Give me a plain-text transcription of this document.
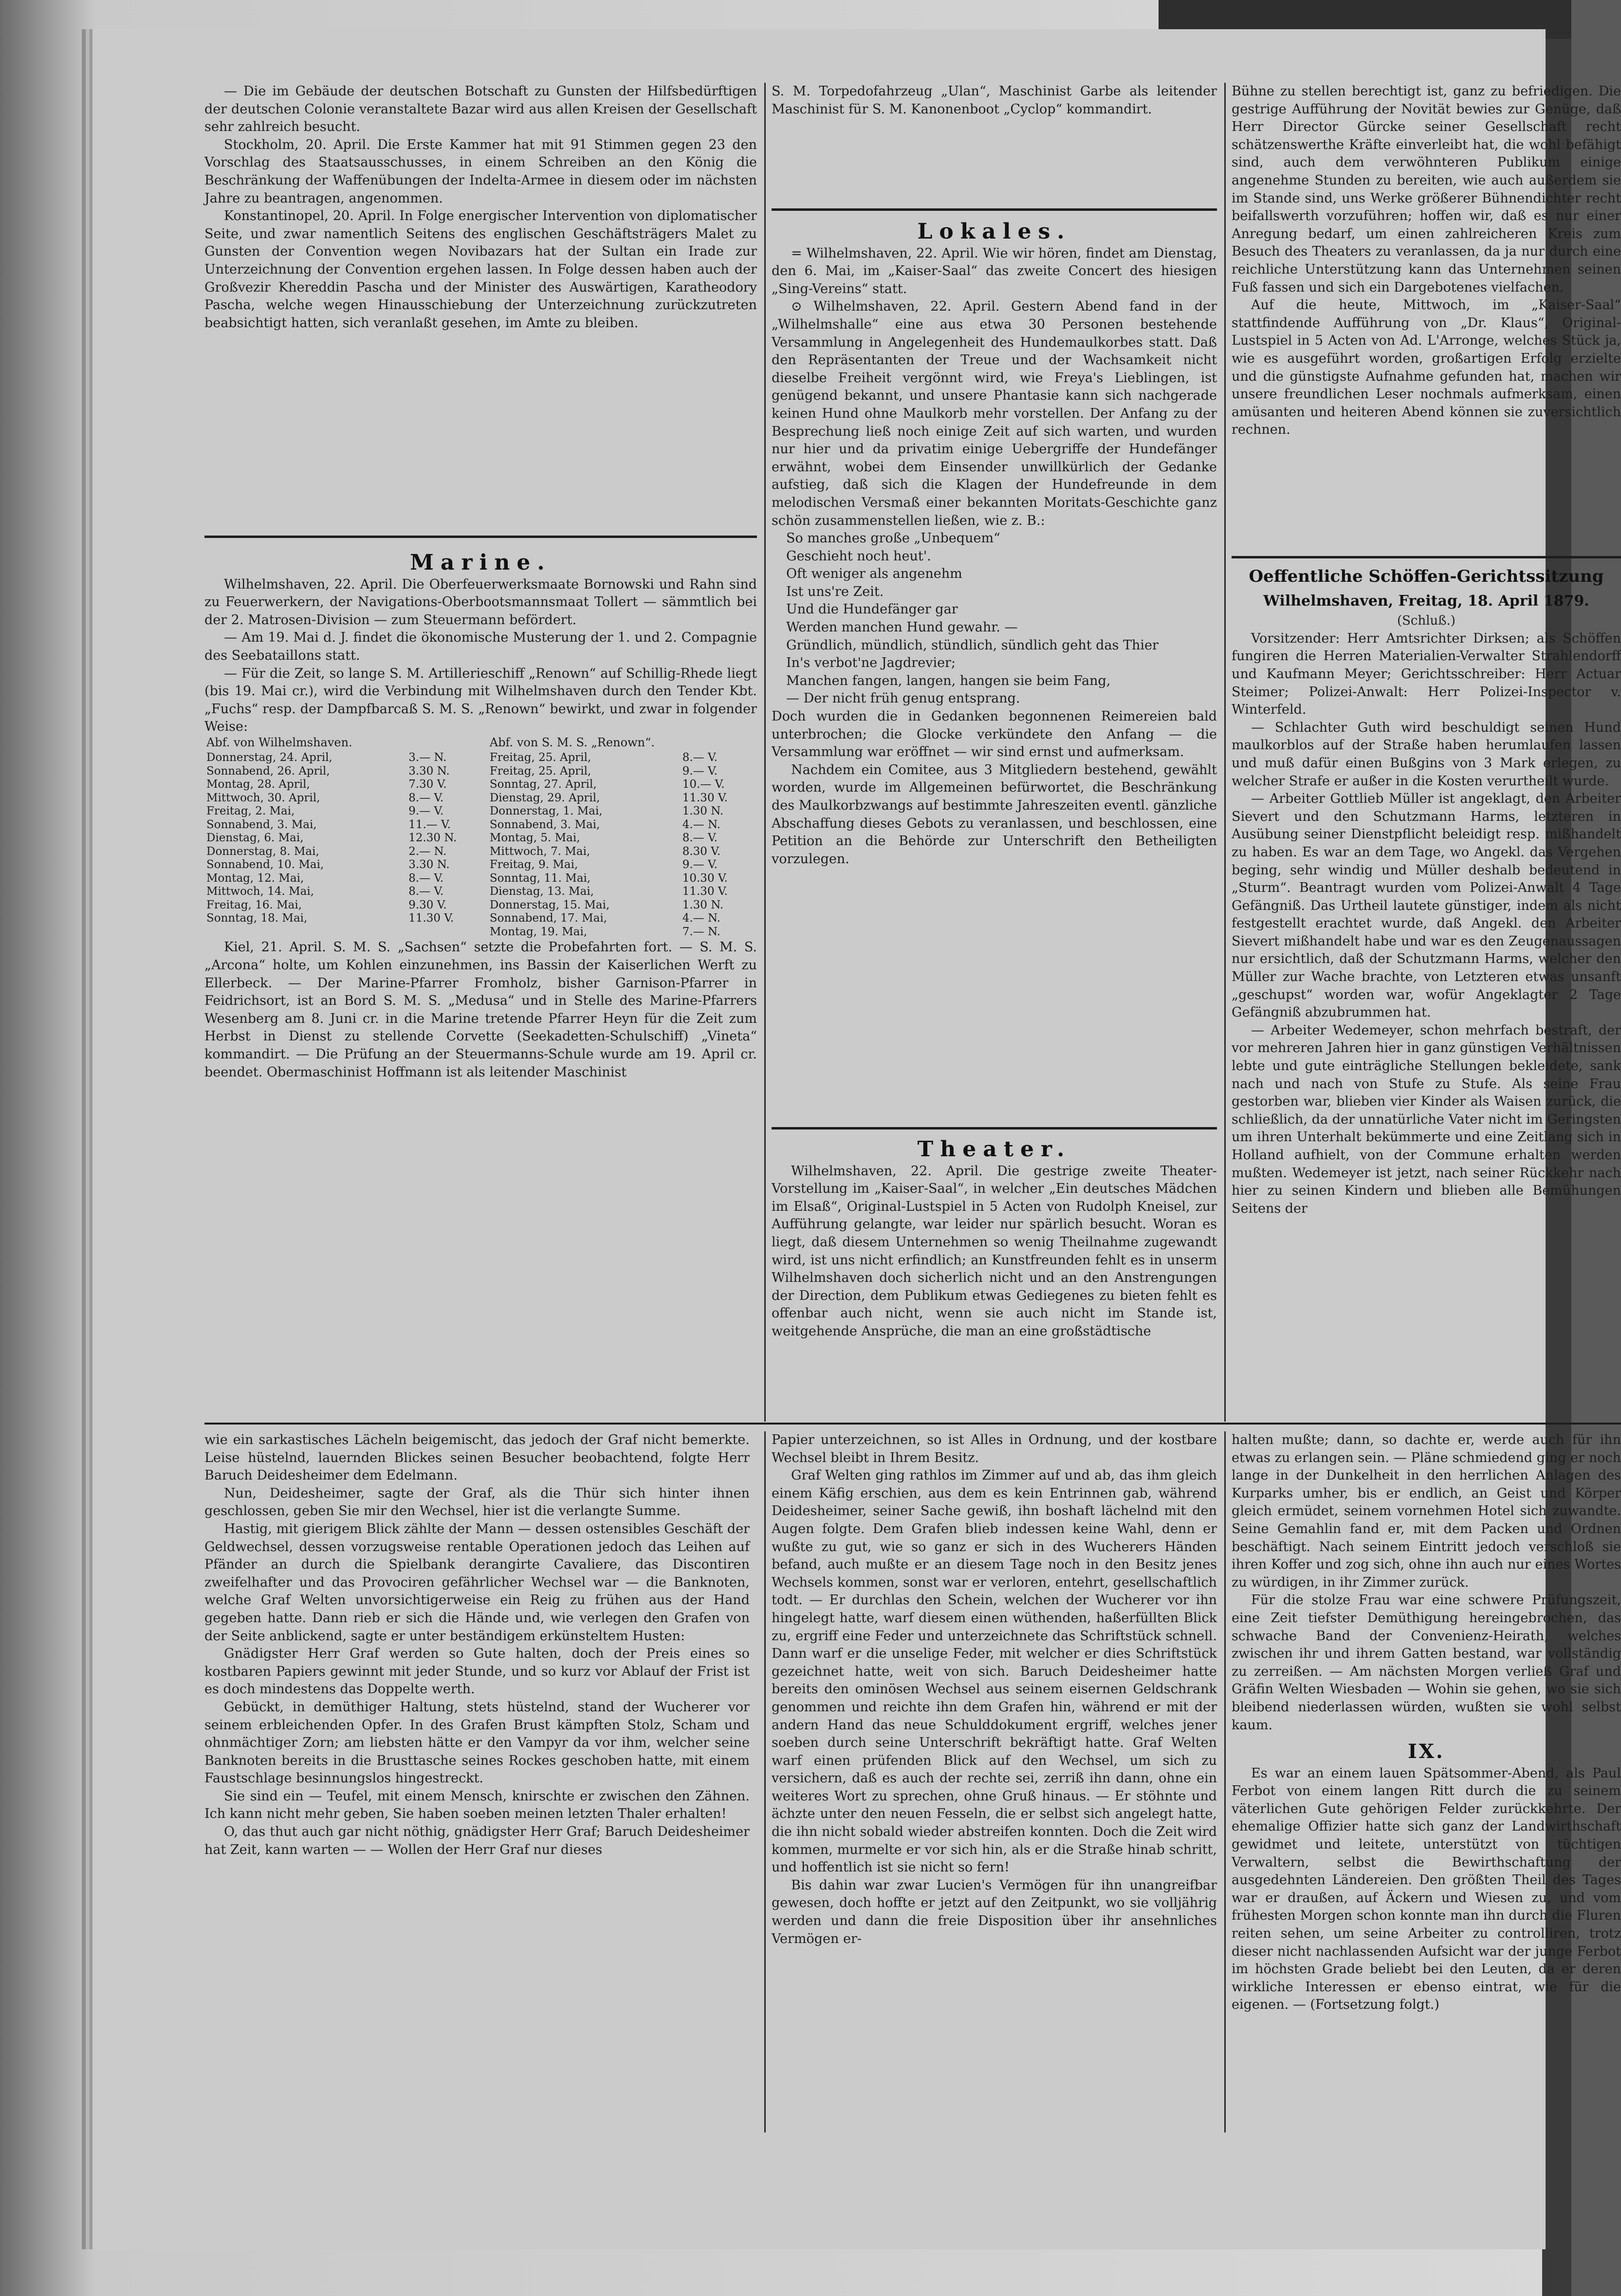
— Die im Gebäude der deutschen Botschaft zu Gunsten der Hilfsbedürftigen der deutschen Colonie veranstaltete Bazar wird aus allen Kreisen der Gesellschaft sehr zahlreich besucht.

Stockholm, 20. April. Die Erste Kammer hat mit 91 Stimmen gegen 23 den Vorschlag des Staatsausschusses, in einem Schreiben an den König die Beschränkung der Waffenübungen der Indelta-Armee in diesem oder im nächsten Jahre zu beantragen, angenommen.

Konstantinopel, 20. April. In Folge energischer Intervention von diplomatischer Seite, und zwar namentlich Seitens des englischen Geschäftsträgers Malet zu Gunsten der Convention wegen Novibazars hat der Sultan ein Irade zur Unterzeichnung der Convention ergehen lassen. In Folge dessen haben auch der Großvezir Khereddin Pascha und der Minister des Auswärtigen, Karatheodory Pascha, welche wegen Hinausschiebung der Unterzeichnung zurückzutreten beabsichtigt hatten, sich veranlaßt gesehen, im Amte zu bleiben.

Marine.

Wilhelmshaven, 22. April. Die Oberfeuerwerksmaate Bornowski und Rahn sind zu Feuerwerkern, der Navigations-Oberbootsmannsmaat Tollert — sämmtlich bei der 2. Matrosen-Division — zum Steuermann befördert.

— Am 19. Mai d. J. findet die ökonomische Musterung der 1. und 2. Compagnie des Seebataillons statt.

— Für die Zeit, so lange S. M. Artillerieschiff „Renown“ auf Schillig-Rhede liegt (bis 19. Mai cr.), wird die Verbindung mit Wilhelmshaven durch den Tender Kbt. „Fuchs“ resp. der Dampfbarcaß S. M. S. „Renown“ bewirkt, und zwar in folgender Weise:

Abf. von Wilhelmshaven.		Abf. von S. M. S. „Renown“.	
Donnerstag, 24. April,	3.— N.	Freitag, 25. April,	8.— V.
Sonnabend, 26. April,	3.30 N.	Freitag, 25. April,	9.— V.
Montag, 28. April,	7.30 V.	Sonntag, 27. April,	10.— V.
Mittwoch, 30. April,	8.— V.	Dienstag, 29. April,	11.30 V.
Freitag, 2. Mai,	9.— V.	Donnerstag, 1. Mai,	1.30 N.
Sonnabend, 3. Mai,	11.— V.	Sonnabend, 3. Mai,	4.— N.
Dienstag, 6. Mai,	12.30 N.	Montag, 5. Mai,	8.— V.
Donnerstag, 8. Mai,	2.— N.	Mittwoch, 7. Mai,	8.30 V.
Sonnabend, 10. Mai,	3.30 N.	Freitag, 9. Mai,	9.— V.
Montag, 12. Mai,	8.— V.	Sonntag, 11. Mai,	10.30 V.
Mittwoch, 14. Mai,	8.— V.	Dienstag, 13. Mai,	11.30 V.
Freitag, 16. Mai,	9.30 V.	Donnerstag, 15. Mai,	1.30 N.
Sonntag, 18. Mai,	11.30 V.	Sonnabend, 17. Mai,	4.— N.
		Montag, 19. Mai,	7.— N.

Kiel, 21. April. S. M. S. „Sachsen“ setzte die Probefahrten fort. — S. M. S. „Arcona“ holte, um Kohlen einzunehmen, ins Bassin der Kaiserlichen Werft zu Ellerbeck. — Der Marine-Pfarrer Fromholz, bisher Garnison-Pfarrer in Feidrichsort, ist an Bord S. M. S. „Medusa“ und in Stelle des Marine-Pfarrers Wesenberg am 8. Juni cr. in die Marine tretende Pfarrer Heyn für die Zeit zum Herbst in Dienst zu stellende Corvette (Seekadetten-Schulschiff) „Vineta“ kommandirt. — Die Prüfung an der Steuermanns-Schule wurde am 19. April cr. beendet. Obermaschinist Hoffmann ist als leitender Maschinist

S. M. Torpedofahrzeug „Ulan“, Maschinist Garbe als leitender Maschinist für S. M. Kanonenboot „Cyclop“ kommandirt.

Lokales.

= Wilhelmshaven, 22. April. Wie wir hören, findet am Dienstag, den 6. Mai, im „Kaiser-Saal“ das zweite Concert des hiesigen „Sing-Vereins“ statt.

⊙ Wilhelmshaven, 22. April. Gestern Abend fand in der „Wilhelmshalle“ eine aus etwa 30 Personen bestehende Versammlung in Angelegenheit des Hundemaulkorbes statt. Daß den Repräsentanten der Treue und der Wachsamkeit nicht dieselbe Freiheit vergönnt wird, wie Freya's Lieblingen, ist genügend bekannt, und unsere Phantasie kann sich nachgerade keinen Hund ohne Maulkorb mehr vorstellen. Der Anfang zu der Besprechung ließ noch einige Zeit auf sich warten, und wurden nur hier und da privatim einige Uebergriffe der Hundefänger erwähnt, wobei dem Einsender unwillkürlich der Gedanke aufstieg, daß sich die Klagen der Hundefreunde in dem melodischen Versmaß einer bekannten Moritats-Geschichte ganz schön zusammenstellen ließen, wie z. B.:

So manches große „Unbequem“
Geschieht noch heut'.
Oft weniger als angenehm
Ist uns're Zeit.
Und die Hundefänger gar
Werden manchen Hund gewahr. —
Gründlich, mündlich, stündlich, sündlich geht das Thier
In's verbot'ne Jagdrevier;
Manchen fangen, langen, hangen sie beim Fang,
— Der nicht früh genug entsprang.

Doch wurden die in Gedanken begonnenen Reimereien bald unterbrochen; die Glocke verkündete den Anfang — die Versammlung war eröffnet — wir sind ernst und aufmerksam.

Nachdem ein Comitee, aus 3 Mitgliedern bestehend, gewählt worden, wurde im Allgemeinen befürwortet, die Beschränkung des Maulkorbzwangs auf bestimmte Jahreszeiten eventl. gänzliche Abschaffung dieses Gebots zu veranlassen, und beschlossen, eine Petition an die Behörde zur Unterschrift den Betheiligten vorzulegen.

Theater.

Wilhelmshaven, 22. April. Die gestrige zweite Theater-Vorstellung im „Kaiser-Saal“, in welcher „Ein deutsches Mädchen im Elsaß“, Original-Lustspiel in 5 Acten von Rudolph Kneisel, zur Aufführung gelangte, war leider nur spärlich besucht. Woran es liegt, daß diesem Unternehmen so wenig Theilnahme zugewandt wird, ist uns nicht erfindlich; an Kunstfreunden fehlt es in unserm Wilhelmshaven doch sicherlich nicht und an den Anstrengungen der Direction, dem Publikum etwas Gediegenes zu bieten fehlt es offenbar auch nicht, wenn sie auch nicht im Stande ist, weitgehende Ansprüche, die man an eine großstädtische

Bühne zu stellen berechtigt ist, ganz zu befriedigen. Die gestrige Aufführung der Novität bewies zur Genüge, daß Herr Director Gürcke seiner Gesellschaft recht schätzenswerthe Kräfte einverleibt hat, die wohl befähigt sind, auch dem verwöhnteren Publikum einige angenehme Stunden zu bereiten, wie auch außerdem sie im Stande sind, uns Werke größerer Bühnendichter recht beifallswerth vorzuführen; hoffen wir, daß es nur einer Anregung bedarf, um einen zahlreicheren Kreis zum Besuch des Theaters zu veranlassen, da ja nur durch eine reichliche Unterstützung kann das Unternehmen seinen Fuß fassen und sich ein Dargebotenes vielfachen.

Auf die heute, Mittwoch, im „Kaiser-Saal“ stattfindende Aufführung von „Dr. Klaus“, Original-Lustspiel in 5 Acten von Ad. L'Arronge, welches Stück ja, wie es ausgeführt worden, großartigen Erfolg erzielte und die günstigste Aufnahme gefunden hat, machen wir unsere freundlichen Leser nochmals aufmerksam, einen amüsanten und heiteren Abend können sie zuversichtlich rechnen.

Oeffentliche Schöffen-Gerichtssitzung
Wilhelmshaven, Freitag, 18. April 1879.
(Schluß.)

Vorsitzender: Herr Amtsrichter Dirksen; als Schöffen fungiren die Herren Materialien-Verwalter Strahlendorff und Kaufmann Meyer; Gerichtsschreiber: Herr Actuar Steimer; Polizei-Anwalt: Herr Polizei-Inspector v. Winterfeld.

— Schlachter Guth wird beschuldigt seinen Hund maulkorblos auf der Straße haben herumlaufen lassen und muß dafür einen Bußgins von 3 Mark erlegen, zu welcher Strafe er außer in die Kosten verurtheilt wurde.

— Arbeiter Gottlieb Müller ist angeklagt, den Arbeiter Sievert und den Schutzmann Harms, letzteren in Ausübung seiner Dienstpflicht beleidigt resp. mißhandelt zu haben. Es war an dem Tage, wo Angekl. das Vergehen beging, sehr windig und Müller deshalb bedeutend in „Sturm“. Beantragt wurden vom Polizei-Anwalt 4 Tage Gefängniß. Das Urtheil lautete günstiger, indem als nicht festgestellt erachtet wurde, daß Angekl. den Arbeiter Sievert mißhandelt habe und war es den Zeugenaussagen nur ersichtlich, daß der Schutzmann Harms, welcher den Müller zur Wache brachte, von Letzteren etwas unsanft „geschupst“ worden war, wofür Angeklagter 2 Tage Gefängniß abzubrummen hat.

— Arbeiter Wedemeyer, schon mehrfach bestraft, der vor mehreren Jahren hier in ganz günstigen Verhältnissen lebte und gute einträgliche Stellungen bekleidete, sank nach und nach von Stufe zu Stufe. Als seine Frau gestorben war, blieben vier Kinder als Waisen zurück, die schließlich, da der unnatürliche Vater nicht im Geringsten um ihren Unterhalt bekümmerte und eine Zeitlang sich in Holland aufhielt, von der Commune erhalten werden mußten. Wedemeyer ist jetzt, nach seiner Rückkehr nach hier zu seinen Kindern und blieben alle Bemühungen Seitens der

wie ein sarkastisches Lächeln beigemischt, das jedoch der Graf nicht bemerkte. Leise hüstelnd, lauernden Blickes seinen Besucher beobachtend, folgte Herr Baruch Deidesheimer dem Edelmann.

Nun, Deidesheimer, sagte der Graf, als die Thür sich hinter ihnen geschlossen, geben Sie mir den Wechsel, hier ist die verlangte Summe.

Hastig, mit gierigem Blick zählte der Mann — dessen ostensibles Geschäft der Geldwechsel, dessen vorzugsweise rentable Operationen jedoch das Leihen auf Pfänder an durch die Spielbank derangirte Cavaliere, das Discontiren zweifelhafter und das Provociren gefährlicher Wechsel war — die Banknoten, welche Graf Welten unvorsichtigerweise ein Reig zu frühen aus der Hand gegeben hatte. Dann rieb er sich die Hände und, wie verlegen den Grafen von der Seite anblickend, sagte er unter beständigem erkünsteltem Husten:

Gnädigster Herr Graf werden so Gute halten, doch der Preis eines so kostbaren Papiers gewinnt mit jeder Stunde, und so kurz vor Ablauf der Frist ist es doch mindestens das Doppelte werth.

Gebückt, in demüthiger Haltung, stets hüstelnd, stand der Wucherer vor seinem erbleichenden Opfer. In des Grafen Brust kämpften Stolz, Scham und ohnmächtiger Zorn; am liebsten hätte er den Vampyr da vor ihm, welcher seine Banknoten bereits in die Brusttasche seines Rockes geschoben hatte, mit einem Faustschlage besinnungslos hingestreckt.

Sie sind ein — Teufel, mit einem Mensch, knirschte er zwischen den Zähnen. Ich kann nicht mehr geben, Sie haben soeben meinen letzten Thaler erhalten!

O, das thut auch gar nicht nöthig, gnädigster Herr Graf; Baruch Deidesheimer hat Zeit, kann warten — — Wollen der Herr Graf nur dieses

Papier unterzeichnen, so ist Alles in Ordnung, und der kostbare Wechsel bleibt in Ihrem Besitz.

Graf Welten ging rathlos im Zimmer auf und ab, das ihm gleich einem Käfig erschien, aus dem es kein Entrinnen gab, während Deidesheimer, seiner Sache gewiß, ihn boshaft lächelnd mit den Augen folgte. Dem Grafen blieb indessen keine Wahl, denn er wußte zu gut, wie so ganz er sich in des Wucherers Händen befand, auch mußte er an diesem Tage noch in den Besitz jenes Wechsels kommen, sonst war er verloren, entehrt, gesellschaftlich todt. — Er durchlas den Schein, welchen der Wucherer vor ihn hingelegt hatte, warf diesem einen wüthenden, haßerfüllten Blick zu, ergriff eine Feder und unterzeichnete das Schriftstück schnell. Dann warf er die unselige Feder, mit welcher er dies Schriftstück gezeichnet hatte, weit von sich. Baruch Deidesheimer hatte bereits den ominösen Wechsel aus seinem eisernen Geldschrank genommen und reichte ihn dem Grafen hin, während er mit der andern Hand das neue Schulddokument ergriff, welches jener soeben durch seine Unterschrift bekräftigt hatte. Graf Welten warf einen prüfenden Blick auf den Wechsel, um sich zu versichern, daß es auch der rechte sei, zerriß ihn dann, ohne ein weiteres Wort zu sprechen, ohne Gruß hinaus. — Er stöhnte und ächzte unter den neuen Fesseln, die er selbst sich angelegt hatte, die ihn nicht sobald wieder abstreifen konnten. Doch die Zeit wird kommen, murmelte er vor sich hin, als er die Straße hinab schritt, und hoffentlich ist sie nicht so fern!

Bis dahin war zwar Lucien's Vermögen für ihn unangreifbar gewesen, doch hoffte er jetzt auf den Zeitpunkt, wo sie volljährig werden und dann die freie Disposition über ihr ansehnliches Vermögen er-

halten mußte; dann, so dachte er, werde auch für ihn etwas zu erlangen sein. — Pläne schmiedend ging er noch lange in der Dunkelheit in den herrlichen Anlagen des Kurparks umher, bis er endlich, an Geist und Körper gleich ermüdet, seinem vornehmen Hotel sich zuwandte. Seine Gemahlin fand er, mit dem Packen und Ordnen beschäftigt. Nach seinem Eintritt jedoch verschloß sie ihren Koffer und zog sich, ohne ihn auch nur eines Wortes zu würdigen, in ihr Zimmer zurück.

Für die stolze Frau war eine schwere Prüfungszeit, eine Zeit tiefster Demüthigung hereingebrochen, das schwache Band der Convenienz-Heirath, welches zwischen ihr und ihrem Gatten bestand, war vollständig zu zerreißen. — Am nächsten Morgen verließ Graf und Gräfin Welten Wiesbaden — Wohin sie gehen, wo sie sich bleibend niederlassen würden, wußten sie wohl selbst kaum.

IX.

Es war an einem lauen Spätsommer-Abend, als Paul Ferbot von einem langen Ritt durch die zu seinem väterlichen Gute gehörigen Felder zurückkehrte. Der ehemalige Offizier hatte sich ganz der Landwirthschaft gewidmet und leitete, unterstützt von tüchtigen Verwaltern, selbst die Bewirthschaftung der ausgedehnten Ländereien. Den größten Theil des Tages war er draußen, auf Äckern und Wiesen zu, und vom frühesten Morgen schon konnte man ihn durch die Fluren reiten sehen, um seine Arbeiter zu controlliren, trotz dieser nicht nachlassenden Aufsicht war der junge Ferbot im höchsten Grade beliebt bei den Leuten, da er deren wirkliche Interessen er ebenso eintrat, wie für die eigenen. — (Fortsetzung folgt.)
